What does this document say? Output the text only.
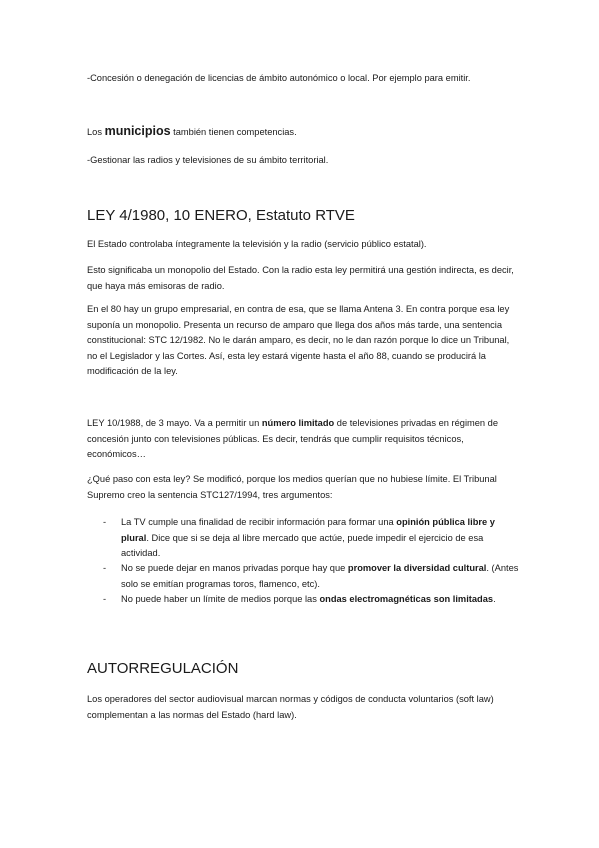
-Concesión o denegación de licencias de ámbito autonómico o local. Por ejemplo para emitir.

Los municipios también tienen competencias.

-Gestionar las radios y televisiones de su ámbito territorial.

LEY 4/1980, 10 ENERO, Estatuto RTVE

El Estado controlaba íntegramente la televisión y la radio (servicio público estatal).

Esto significaba un monopolio del Estado. Con la radio esta ley permitirá una gestión indirecta, es decir, que haya más emisoras de radio.

En el 80 hay un grupo empresarial, en contra de esa, que se llama Antena 3. En contra porque esa ley suponía un monopolio. Presenta un recurso de amparo que llega dos años más tarde, una sentencia constitucional: STC 12/1982. No le darán amparo, es decir, no le dan razón porque lo dice un Tribunal, no el Legislador y las Cortes. Así, esta ley estará vigente hasta el año 88, cuando se producirá la modificación de la ley.

LEY 10/1988, de 3 mayo. Va a permitir un número limitado de televisiones privadas en régimen de concesión junto con televisiones públicas. Es decir, tendrás que cumplir requisitos técnicos, económicos…

¿Qué paso con esta ley? Se modificó, porque los medios querían que no hubiese límite. El Tribunal Supremo creo la sentencia STC127/1994, tres argumentos:

- La TV cumple una finalidad de recibir información para formar una opinión pública libre y plural. Dice que si se deja al libre mercado que actúe, puede impedir el ejercicio de esa actividad.
- No se puede dejar en manos privadas porque hay que promover la diversidad cultural. (Antes solo se emitían programas toros, flamenco, etc).
- No puede haber un límite de medios porque las ondas electromagnéticas son limitadas.
AUTORREGULACIÓN

Los operadores del sector audiovisual marcan normas y códigos de conducta voluntarios (soft law) complementan a las normas del Estado (hard law).
